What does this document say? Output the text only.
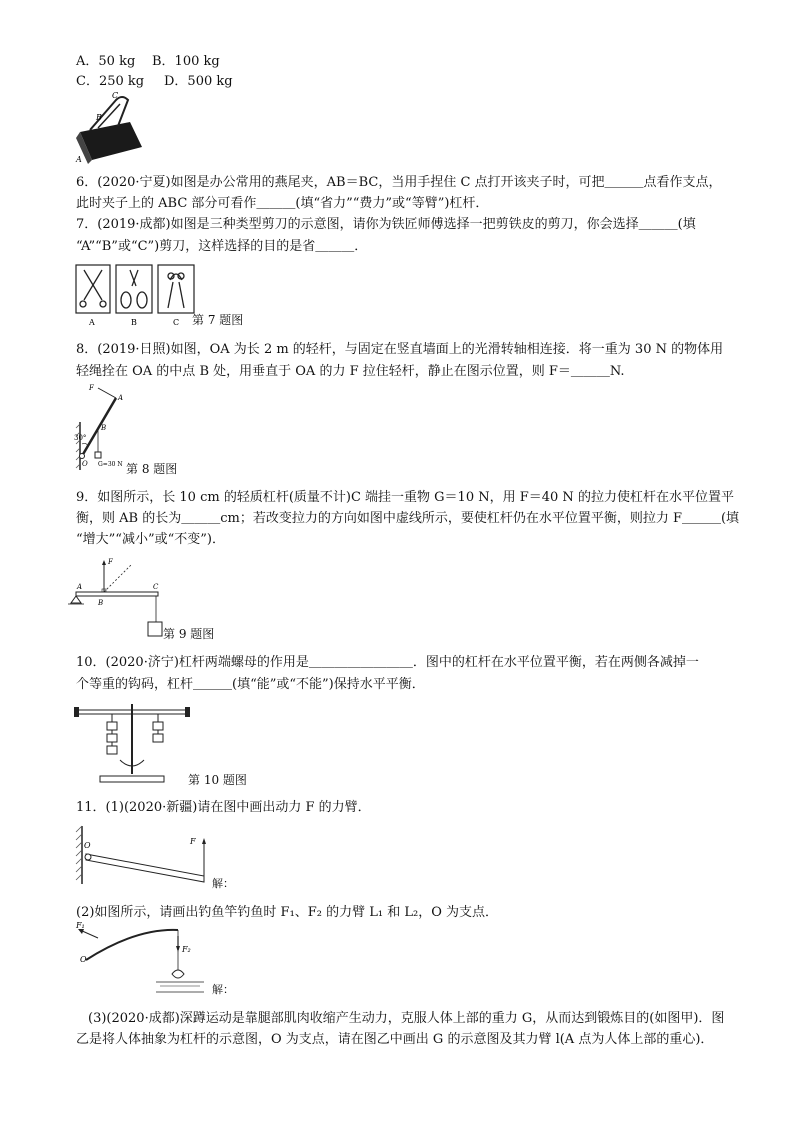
A．50 kg B．100 kg
C．250 kg D．500 kg
C
B
A
6．(2020·宁夏)如图是办公常用的燕尾夹，AB＝BC，当用手捏住 C 点打开该夹子时，可把＿＿＿点看作支点，
此时夹子上的 ABC 部分可看作＿＿＿(填“省力”“费力”或“等臂”)杠杆．
7．(2019·成都)如图是三种类型剪刀的示意图，请你为铁匠师傅选择一把剪铁皮的剪刀，你会选择＿＿＿(填
“A”“B”或“C”)剪刀，这样选择的目的是省＿＿＿．
A	B	C 第 7 题图
8．(2019·日照)如图，OA 为长 2 m 的轻杆，与固定在竖直墙面上的光滑转轴相连接．将一重为 30 N 的物体用
轻绳拴在 OA 的中点 B 处，用垂直于 OA 的力 F 拉住轻杆，静止在图示位置，则 F＝＿＿＿N.
F
A
B
30°
O G=30 N 第 8 题图
9．如图所示，长 10 cm 的轻质杠杆(质量不计)C 端挂一重物 G＝10 N，用 F＝40 N 的拉力使杠杆在水平位置平
衡，则 AB 的长为＿＿＿cm；若改变拉力的方向如图中虚线所示，要使杠杆仍在水平位置平衡，则拉力 F＿＿＿(填
“增大”“减小”或“不变”)．
F
A
B
C
第 9 题图
10．(2020·济宁)杠杆两端螺母的作用是＿＿＿＿＿＿＿＿．图中的杠杆在水平位置平衡，若在两侧各减掉一
个等重的钩码，杠杆＿＿＿(填“能”或“不能”)保持水平平衡．
第 10 题图
11．(1)(2020·新疆)请在图中画出动力 F 的力臂．
O	F
解：
(2)如图所示，请画出钓鱼竿钓鱼时 F₁、F₂ 的力臂 L₁ 和 L₂，O 为支点．
F₁
F₂
O
解：
(3)(2020·成都)深蹲运动是靠腿部肌肉收缩产生动力，克服人体上部的重力 G，从而达到锻炼目的(如图甲)．图
乙是将人体抽象为杠杆的示意图，O 为支点，请在图乙中画出 G 的示意图及其力臂 l(A 点为人体上部的重心)．
